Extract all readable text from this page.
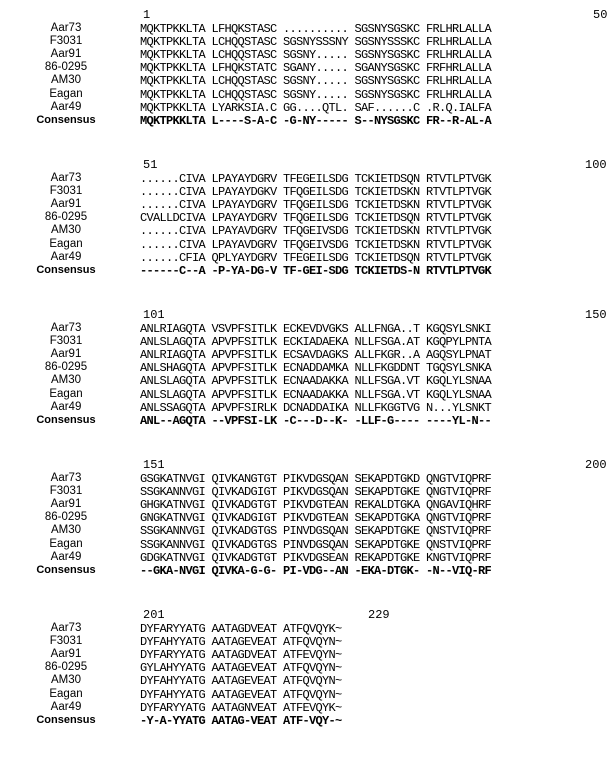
1	50
Aar73	MQKTPKKLTA LFHQKSTASC .......... SGSNYSGSKC FRLHRLALLA
F3031	MQKTPKKLTA LCHQQSTASC SGSNYSSSNY SGSNYSSSKC FRLHRLALLA
Aar91	MQKTPKKLTA LCHQQSTASC SGSNY..... SGSNYSGSKC FRLHRLALLA
86-0295	MQKTPKKLTA LFHQKSTATC SGANY..... SGANYSGSKC FRFHRLALLA
AM30	MQKTPKKLTA LCHQQSTASC SGSNY..... SGSNYSGSKC FRLHRLALLA
Eagan	MQKTPKKLTA LCHQQSTASC SGSNY..... SGSNYSGSKC FRLHRLALLA
Aar49	MQKTPKKLTA LYARKSIA.C GG....QTL. SAF......C .R.Q.IALFA
Consensus	MQKTPKKLTA L----S-A-C -G-NY----- S--NYSGSKC FR--R-AL-A
51	100
Aar73	......CIVA LPAYAYDGRV TFEGEILSDG TCKIETDSQN RTVTLPTVGK
F3031	......CIVA LPAYAYDGKV TFQGEILSDG TCKIETDSKN RTVTLPTVGK
Aar91	......CIVA LPAYAYDGRV TFQGEILSDG TCKIETDSKN RTVTLPTVGK
86-0295	CVALLDCIVA LPAYAYDGRV TFQGEILSDG TCKIETDSQN RTVTLPTVGK
AM30	......CIVA LPAYAVDGRV TFQGEIVSDG TCKIETDSKN RTVTLPTVGK
Eagan	......CIVA LPAYAVDGRV TFQGEIVSDG TCKIETDSKN RTVTLPTVGK
Aar49	......CFIA QPLYAYDGRV TFEGEILSDG TCKIETDSQN RTVTLPTVGK
Consensus	------C--A -P-YA-DG-V TF-GEI-SDG TCKIETDS-N RTVTLPTVGK
101	150
Aar73	ANLRIAGQTA VSVPFSITLK ECKEVDVGKS ALLFNGA..T KGQSYLSNKI
F3031	ANLSLAGQTA APVPFSITLK ECKIADAEKA NLLFSGA.AT KGQPYLPNTA
Aar91	ANLRIAGQTA APVPFSITLK ECSAVDAGKS ALLFKGR..A AGQSYLPNAT
86-0295	ANLSHAGQTA APVPFSITLK ECNADDAMKA NLLFKGDDNT TGQSYLSNKA
AM30	ANLSLAGQTA APVPFSITLK ECNAADAKKA NLLFSGA.VT KGQLYLSNAA
Eagan	ANLSLAGQTA APVPFSITLK ECNAADAKKA NLLFSGA.VT KGQLYLSNAA
Aar49	ANLSSAGQTA APVPFSIRLK DCNADDAIKA NLLFKGGTVG N...YLSNKT
Consensus	ANL--AGQTA --VPFSI-LK -C---D--K- -LLF-G---- ----YL-N--
151	200
Aar73	GSGKATNVGI QIVKANGTGT PIKVDGSQAN SEKAPDTGKD QNGTVIQPRF
F3031	SSGKANNVGI QIVKADGIGT PIKVDGSQAN SEKAPDTGKE QNGTVIQPRF
Aar91	GHGKATNVGI QIVKADGTGT PIKVDGTEAN REKALDTGKA QNGAVIQHRF
86-0295	GNGKATNVGI QIVKADGIGT PIKVDGTEAN SEKAPDTGKA QNGTVIQPRF
AM30	SSGKANNVGI QIVKADGTGS PINVDGSQAN SEKAPDTGKE QNSTVIQPRF
Eagan	SSGKANNVGI QIVKADGTGS PINVDGSQAN SEKAPDTGKE QNSTVIQPRF
Aar49	GDGKATNVGI QIVKADGTGT PIKVDGSEAN REKAPDTGKE KNGTVIQPRF
Consensus	--GKA-NVGI QIVKA-G-G- PI-VDG--AN -EKA-DTGK- -N--VIQ-RF
201	229
Aar73	DYFARYYATG AATAGDVEAT ATFQVQYK~
F3031	DYFAHYYATG AATAGEVEAT ATFQVQYN~
Aar91	DYFARYYATG AATAGDVEAT ATFEVQYN~
86-0295	GYLAHYYATG AATAGEVEAT ATFQVQYN~
AM30	DYFAHYYATG AATAGEVEAT ATFQVQYN~
Eagan	DYFAHYYATG AATAGEVEAT ATFQVQYN~
Aar49	DYFARYYATG AATAGNVEAT ATFEVQYK~
Consensus	-Y-A-YYATG AATAG-VEAT ATF-VQY-~
